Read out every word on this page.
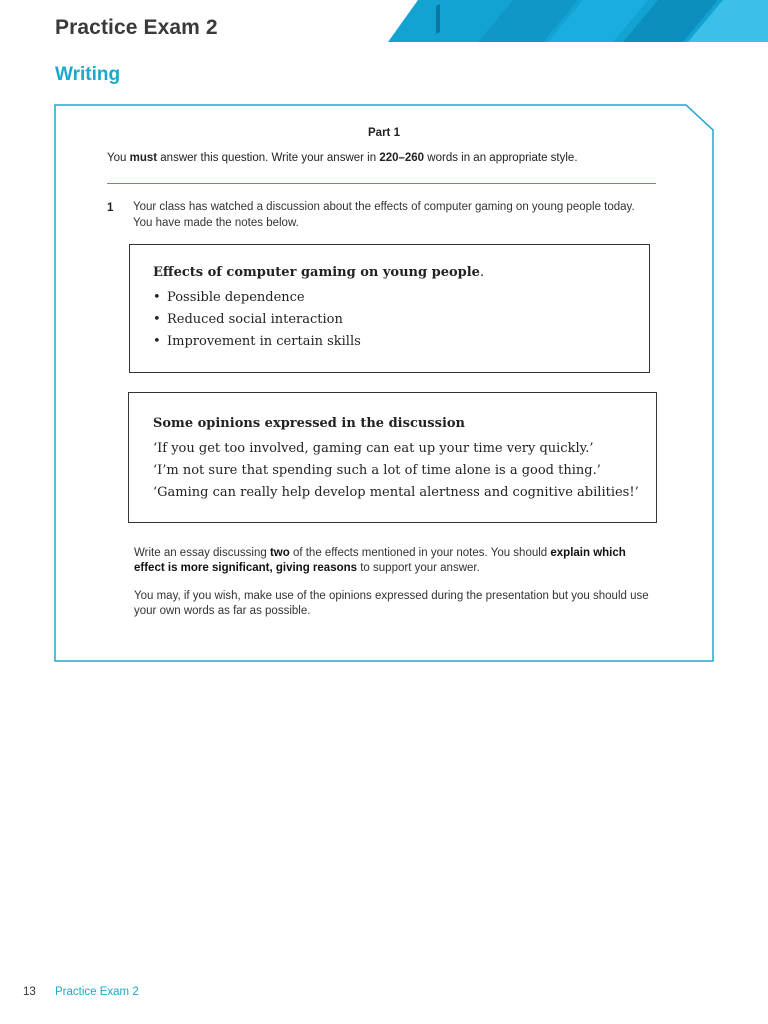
Practice Exam 2
Writing
Part 1
You must answer this question. Write your answer in 220–260 words in an appropriate style.
1 Your class has watched a discussion about the effects of computer gaming on young people today. You have made the notes below.
Effects of computer gaming on young people.
• Possible dependence
• Reduced social interaction
• Improvement in certain skills
Some opinions expressed in the discussion
‘If you get too involved, gaming can eat up your time very quickly.’
‘I’m not sure that spending such a lot of time alone is a good thing.’
‘Gaming can really help develop mental alertness and cognitive abilities!’
Write an essay discussing two of the effects mentioned in your notes. You should explain which effect is more significant, giving reasons to support your answer.
You may, if you wish, make use of the opinions expressed during the presentation but you should use your own words as far as possible.
13 Practice Exam 2
